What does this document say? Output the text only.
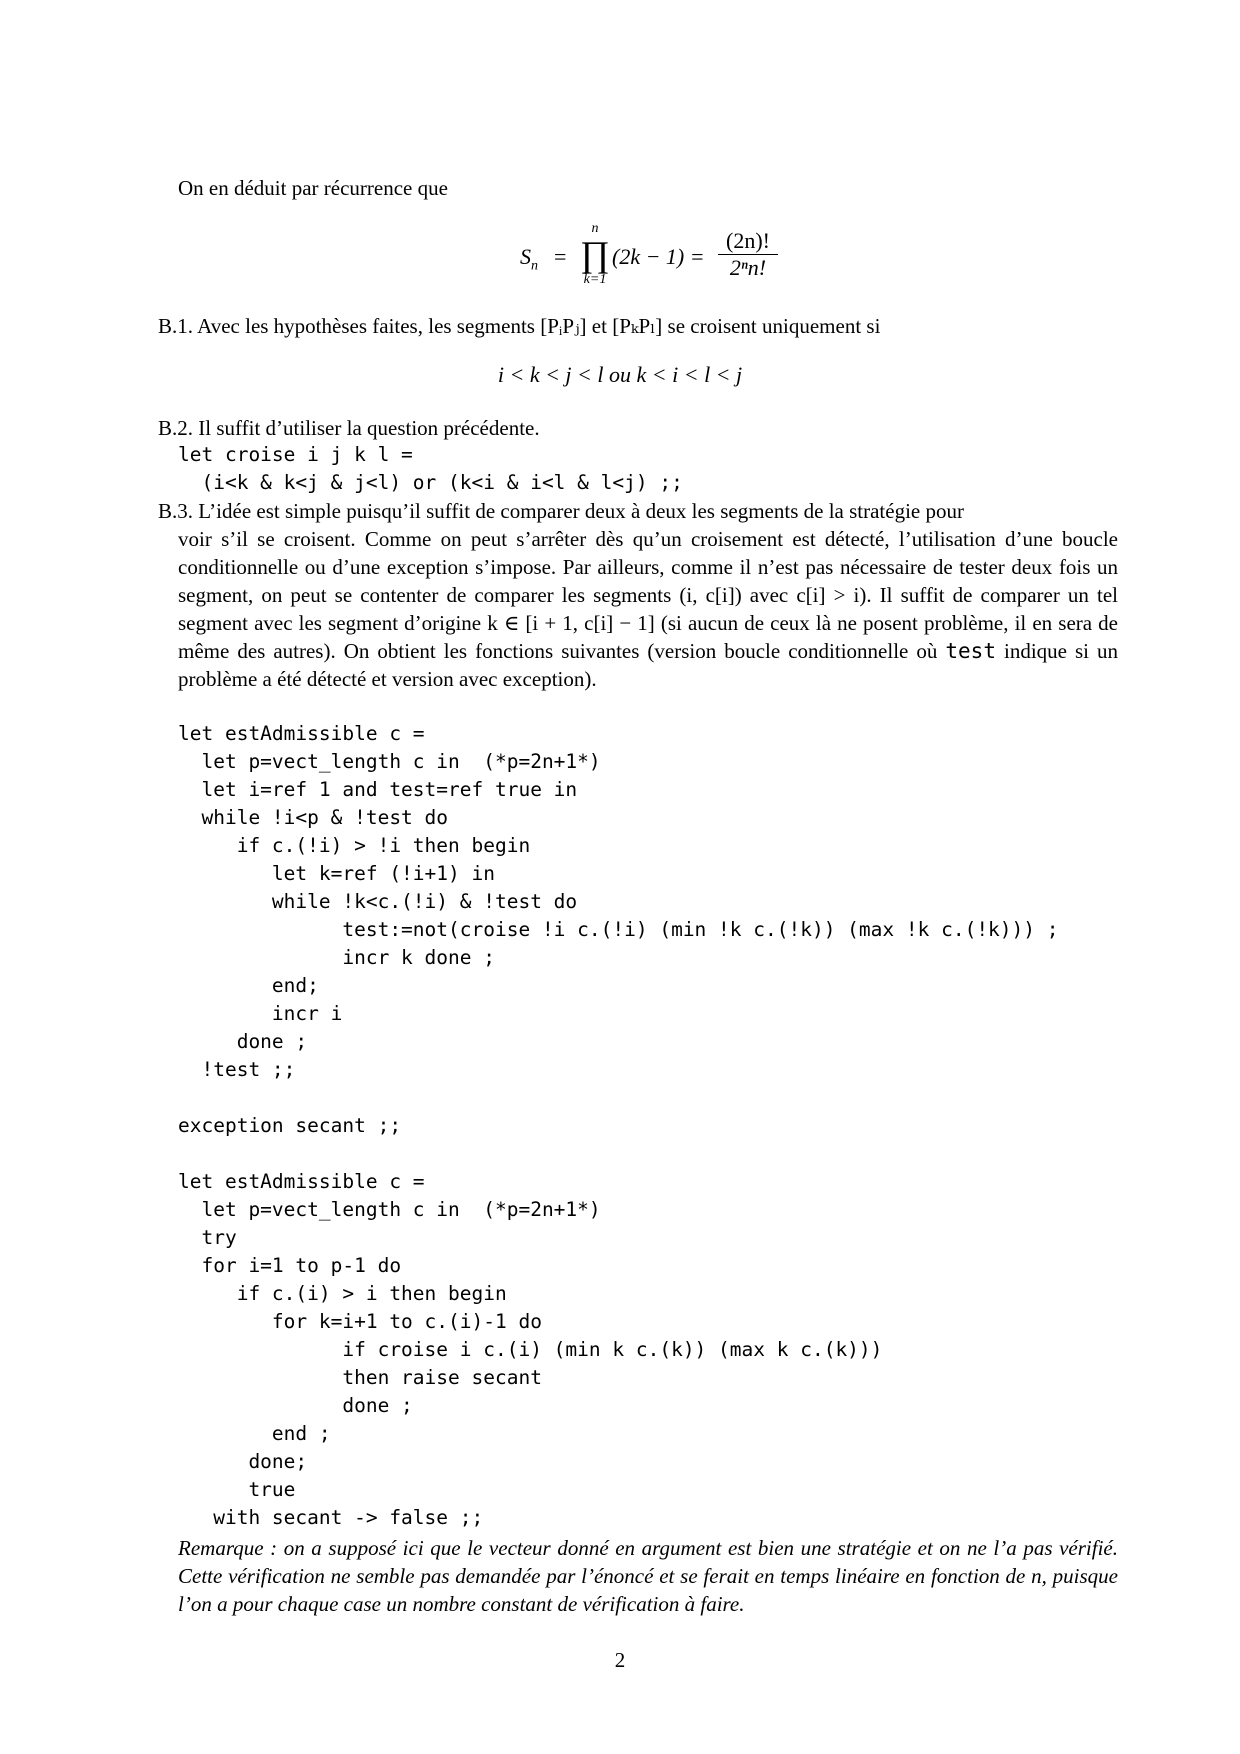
On en déduit par récurrence que
$S_n$ =
n
∏
k=1
$(2k - 1) = \frac{(2n)!}{\text{2ⁿn!}}$
B.1. Avec les hypothèses faites, les segments [PᵢPⱼ] et [PₖPₗ] se croisent uniquement si
i < k < j < l ou k < i < l < j
B.2. Il suffit d’utiliser la question précédente.
let croise i j k l =
(i<k & k<j & j<l) or (k<i & i<l & l<j) ;;
B.3. L’idée est simple puisqu’il suffit de comparer deux à deux les segments de la stratégie pour
voir s’il se croisent. Comme on peut s’arrêter dès qu’un croisement est détecté, l’utilisation d’une boucle conditionnelle ou d’une exception s’impose. Par ailleurs, comme il n’est pas nécessaire de tester deux fois un segment, on peut se contenter de comparer les segments (i, c[i]) avec c[i] > i). Il suffit de comparer un tel segment avec les segment d’origine k ∈ [i + 1, c[i] − 1] (si aucun de ceux là ne posent problème, il en sera de même des autres). On obtient les fonctions suivantes (version boucle conditionnelle où test indique si un problème a été détecté et version avec exception).
let estAdmissible c =
let p=vect_length c in  (*p=2n+1*)
let i=ref 1 and test=ref true in
while !i<p & !test do
if c.(!i) > !i then begin
let k=ref (!i+1) in
while !k<c.(!i) & !test do
test:=not(croise !i c.(!i) (min !k c.(!k)) (max !k c.(!k))) ;
incr k done ;
end;
incr i
done ;
!test ;;

exception secant ;;

let estAdmissible c =
let p=vect_length c in  (*p=2n+1*)
try
for i=1 to p-1 do
if c.(i) > i then begin
for k=i+1 to c.(i)-1 do
if croise i c.(i) (min k c.(k)) (max k c.(k)))
then raise secant
done ;
end ;
done;
true
with secant -> false ;;
Remarque : on a supposé ici que le vecteur donné en argument est bien une stratégie et on ne l’a pas vérifié. Cette vérification ne semble pas demandée par l’énoncé et se ferait en temps linéaire en fonction de n, puisque l’on a pour chaque case un nombre constant de vérification à faire.
2
